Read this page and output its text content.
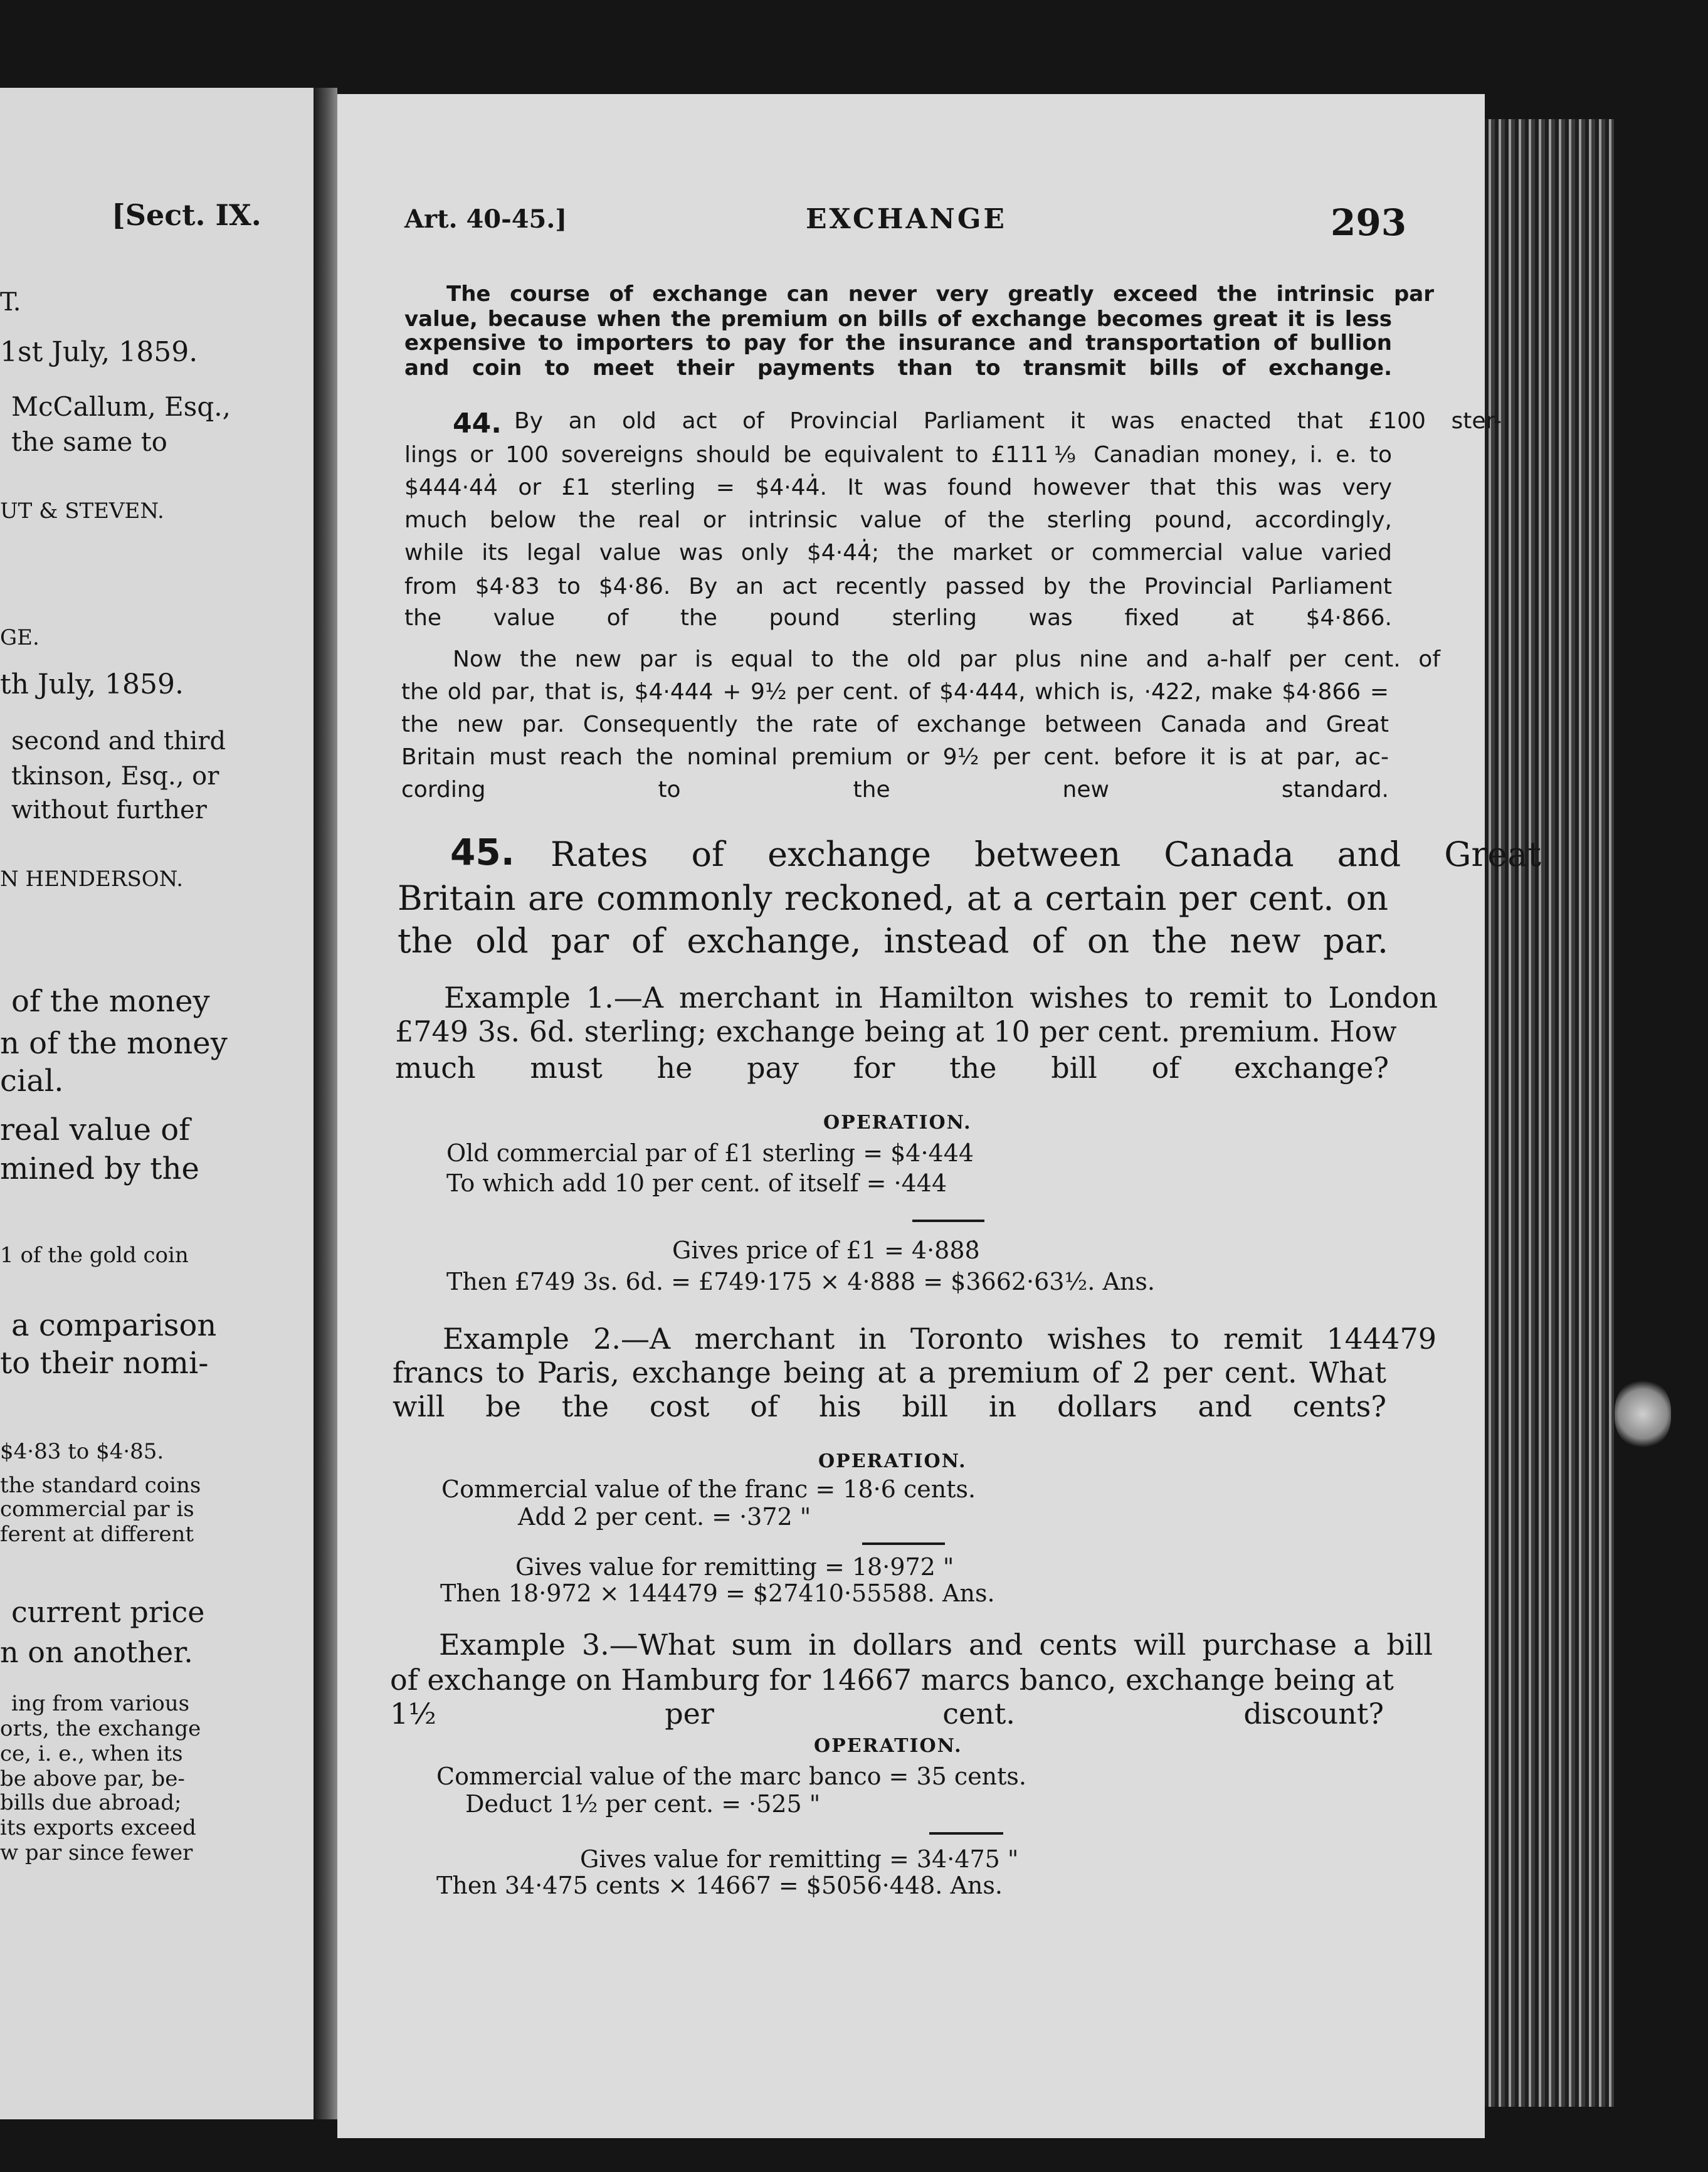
[Sect. IX.
T.
1st July, 1859.
McCallum, Esq.,
the same to
UT & STEVEN.
GE.
th July, 1859.
second and third
tkinson, Esq., or
without further
N HENDERSON.
of the money
n of the money
cial.
real value of
mined by the
1 of the gold coin
a comparison
to their nomi-
$4·83 to $4·85.
the standard coins
commercial par is
ferent at different
current price
n on another.
ing from various
orts, the exchange
ce, i. e., when its
be above par, be-
bills due abroad;
its exports exceed
w par since fewer
Art. 40-45.]	EXCHANGE	293
The course of exchange can never very greatly exceed the intrinsic par
value, because when the premium on bills of exchange becomes great it is less
expensive to importers to pay for the insurance and transportation of bullion
and coin to meet their payments than to transmit bills of exchange.
44. By an old act of Provincial Parliament it was enacted that £100 ster-
lings or 100 sovereigns should be equivalent to £111⅑ Canadian money, i. e. to
$444·44̇ or £1 sterling = $4·44̇. It was found however that this was very
much below the real or intrinsic value of the sterling pound, accordingly,
while its legal value was only $4·44̇; the market or commercial value varied
from $4·83 to $4·86. By an act recently passed by the Provincial Parliament
the value of the pound sterling was fixed at $4·866.
Now the new par is equal to the old par plus nine and a-half per cent. of
the old par, that is, $4·444 + 9½ per cent. of $4·444, which is, ·422, make $4·866 =
the new par. Consequently the rate of exchange between Canada and Great
Britain must reach the nominal premium or 9½ per cent. before it is at par, ac-
cording to the new standard.
45. Rates of exchange between Canada and Great
Britain are commonly reckoned, at a certain per cent. on
the old par of exchange, instead of on the new par.
Example 1.—A merchant in Hamilton wishes to remit to London
£749 3s. 6d. sterling; exchange being at 10 per cent. premium. How
much must he pay for the bill of exchange?
OPERATION.
Old commercial par of £1 sterling = $4·444̇
To which add 10 per cent. of itself = ·444
Gives price of £1 = 4·888̇
Then £749 3s. 6d. = £749·175 × 4·888 = $3662·63½. Ans.
Example 2.—A merchant in Toronto wishes to remit 144479
francs to Paris, exchange being at a premium of 2 per cent. What
will be the cost of his bill in dollars and cents?
OPERATION.
Commercial value of the franc = 18·6 cents.
Add 2 per cent. = ·372 "
Gives value for remitting = 18·972 "
Then 18·972 × 144479 = $27410·55588. Ans.
Example 3.—What sum in dollars and cents will purchase a bill
of exchange on Hamburg for 14667 marcs banco, exchange being at
1½ per cent. discount?
OPERATION.
Commercial value of the marc banco = 35 cents.
Deduct 1½ per cent. = ·525 "
Gives value for remitting = 34·475 "
Then 34·475 cents × 14667 = $5056·448. Ans.
